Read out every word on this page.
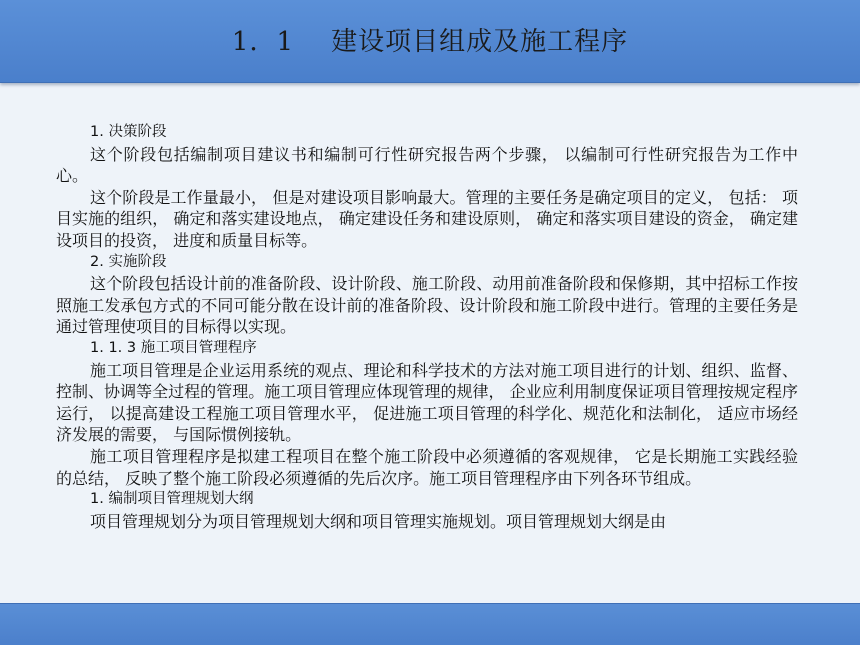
1．1    建设项目组成及施工程序

1. 决策阶段

这个阶段包括编制项目建议书和编制可行性研究报告两个步骤， 以编制可行性研究报告为工作中心。

这个阶段是工作量最小， 但是对建设项目影响最大。管理的主要任务是确定项目的定义， 包括： 项目实施的组织， 确定和落实建设地点， 确定建设任务和建设原则， 确定和落实项目建设的资金， 确定建设项目的投资， 进度和质量目标等。

2. 实施阶段

这个阶段包括设计前的准备阶段、设计阶段、施工阶段、动用前准备阶段和保修期，其中招标工作按照施工发承包方式的不同可能分散在设计前的准备阶段、设计阶段和施工阶段中进行。管理的主要任务是通过管理使项目的目标得以实现。

1. 1. 3 施工项目管理程序

施工项目管理是企业运用系统的观点、理论和科学技术的方法对施工项目进行的计划、组织、监督、控制、协调等全过程的管理。施工项目管理应体现管理的规律， 企业应利用制度保证项目管理按规定程序运行， 以提高建设工程施工项目管理水平， 促进施工项目管理的科学化、规范化和法制化， 适应市场经济发展的需要， 与国际惯例接轨。

施工项目管理程序是拟建工程项目在整个施工阶段中必须遵循的客观规律， 它是长期施工实践经验的总结， 反映了整个施工阶段必须遵循的先后次序。施工项目管理程序由下列各环节组成。

1. 编制项目管理规划大纲

项目管理规划分为项目管理规划大纲和项目管理实施规划。项目管理规划大纲是由
